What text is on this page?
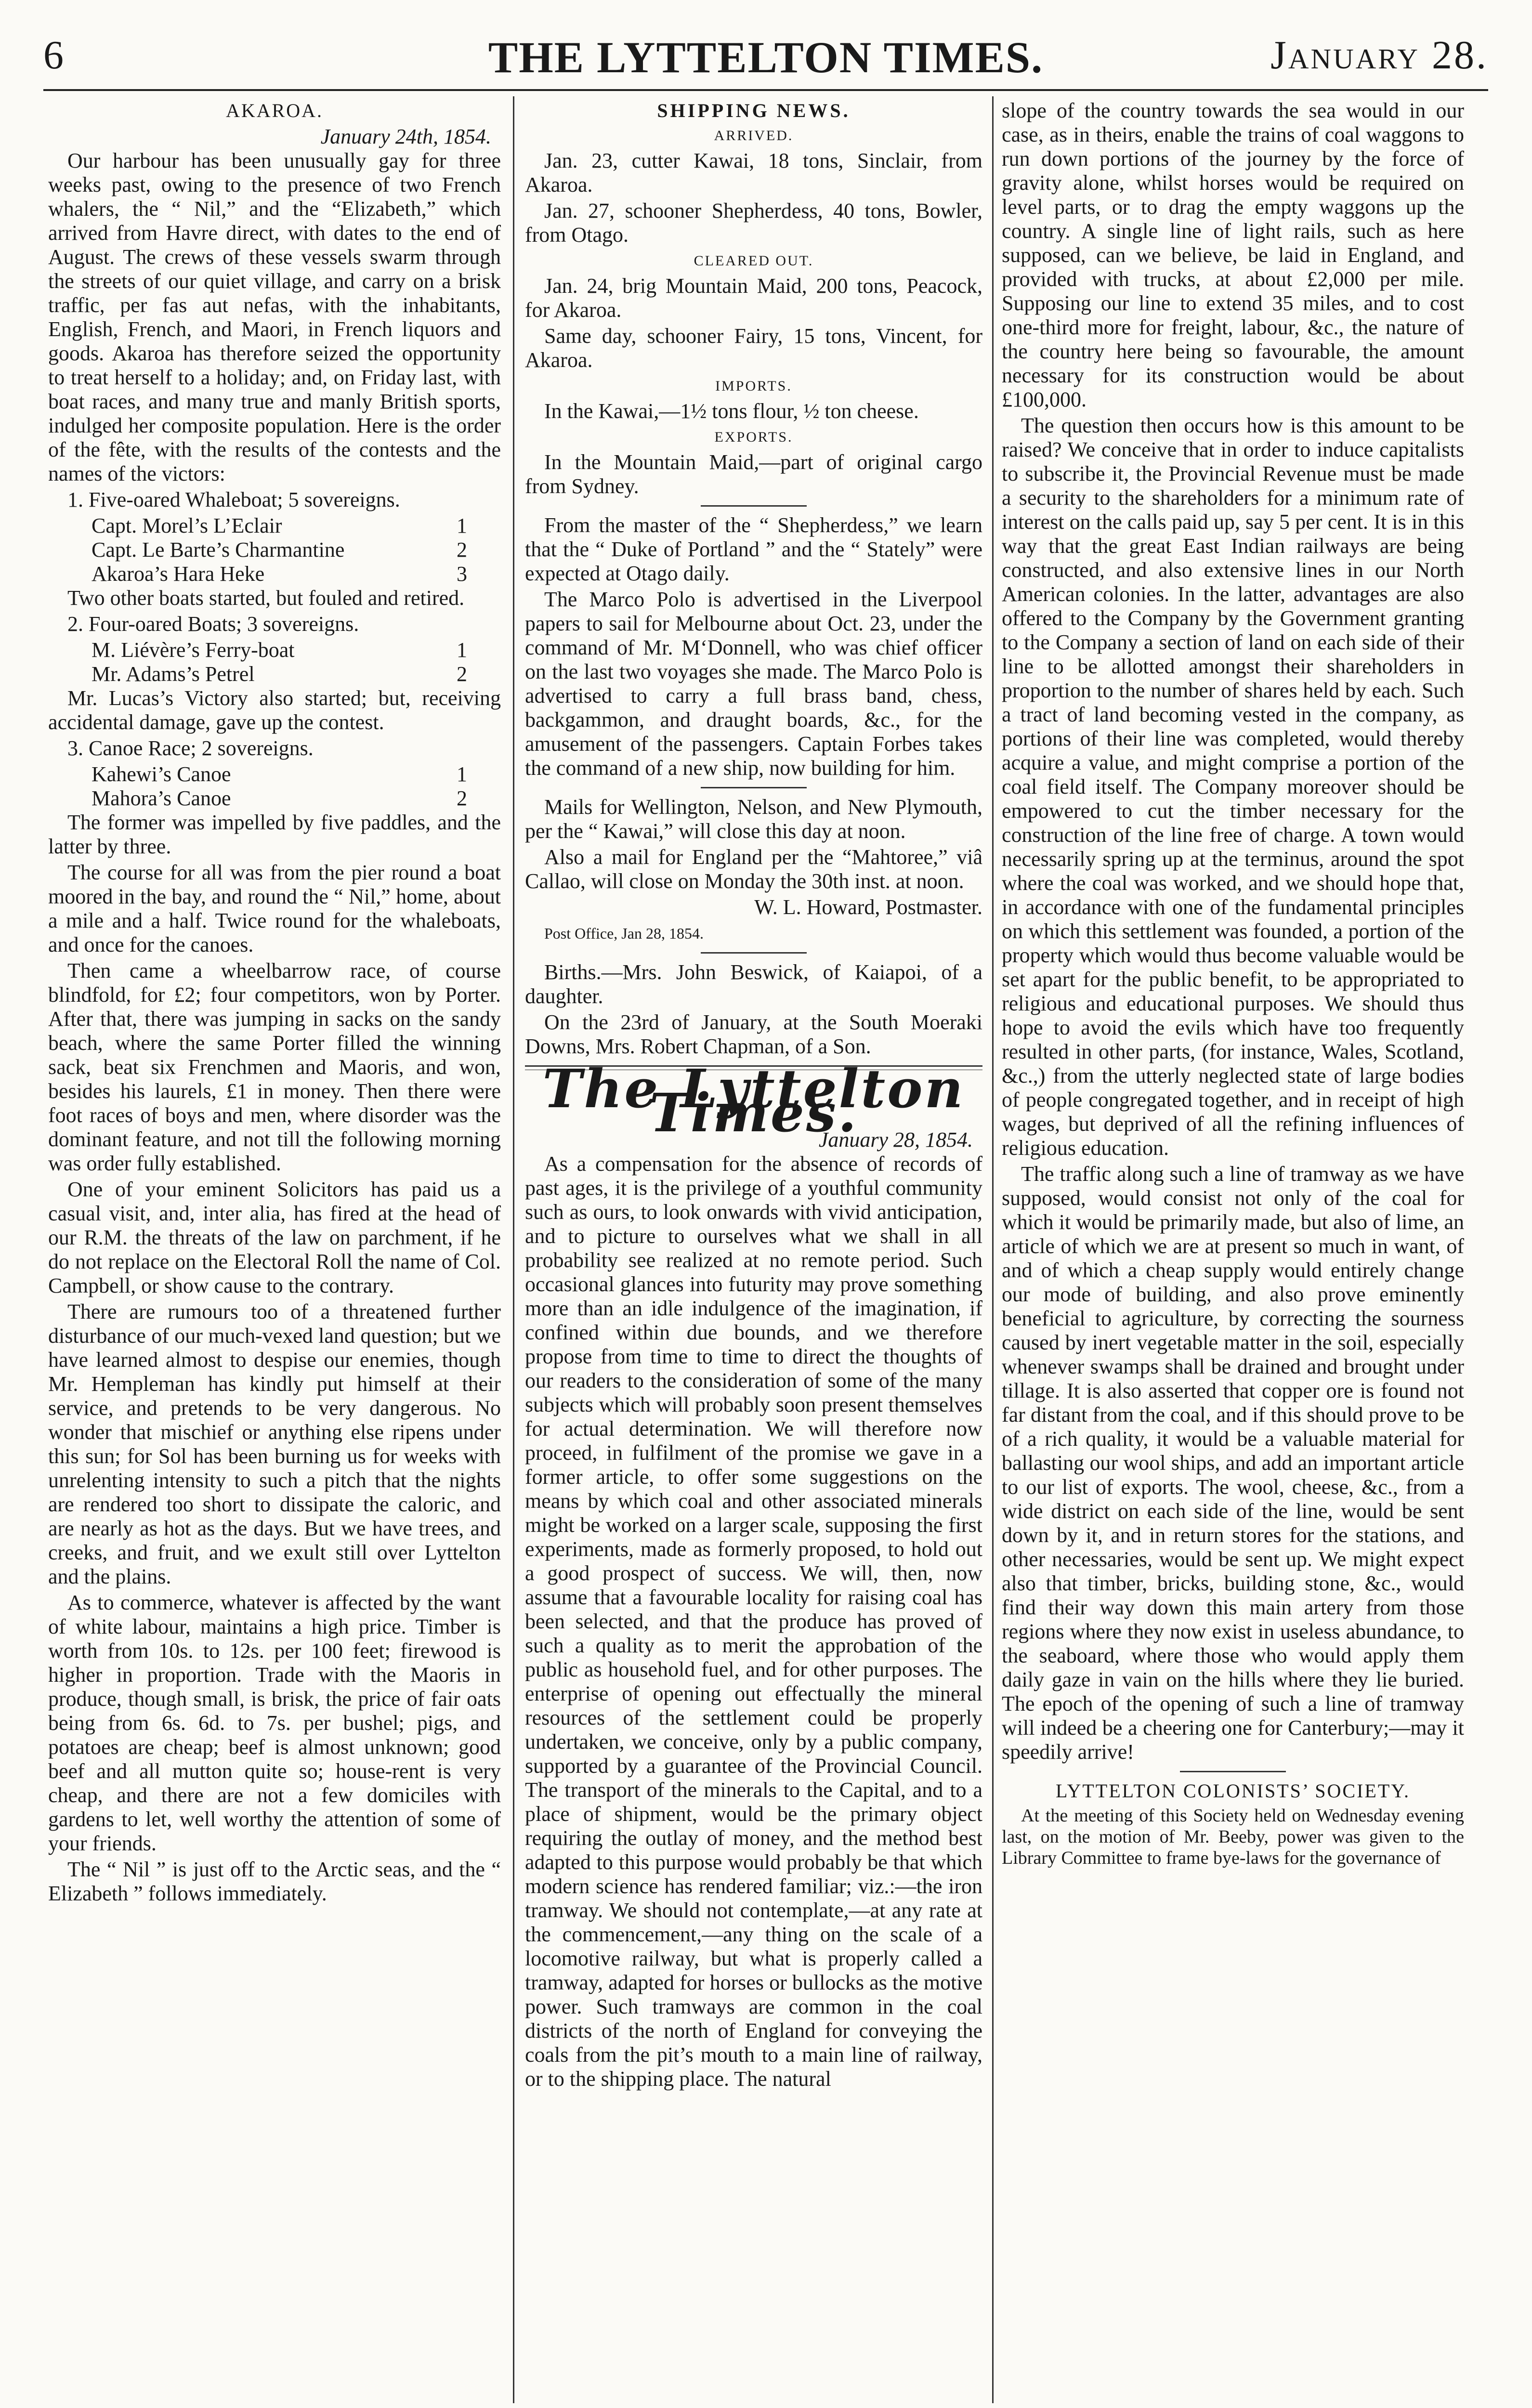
6	THE LYTTELTON TIMES.	January 28.
AKAROA.
January 24th, 1854.

Our harbour has been unusually gay for three weeks past, owing to the presence of two French whalers, the “ Nil,” and the “Elizabeth,” which arrived from Havre direct, with dates to the end of August. The crews of these vessels swarm through the streets of our quiet village, and carry on a brisk traffic, per fas aut nefas, with the inhabitants, English, French, and Maori, in French liquors and goods. Akaroa has therefore seized the opportunity to treat herself to a holiday; and, on Friday last, with boat races, and many true and manly British sports, indulged her composite population. Here is the order of the fête, with the results of the contests and the names of the victors:

1. Five-oared Whaleboat; 5 sovereigns.

Capt. Morel’s L’Eclair	1
Capt. Le Barte’s Charmantine	2
Akaroa’s Hara Heke	3

Two other boats started, but fouled and retired.

2. Four-oared Boats; 3 sovereigns.

M. Liévère’s Ferry-boat	1
Mr. Adams’s Petrel	2

Mr. Lucas’s Victory also started; but, receiving accidental damage, gave up the contest.

3. Canoe Race; 2 sovereigns.

Kahewi’s Canoe	1
Mahora’s Canoe	2

The former was impelled by five paddles, and the latter by three.

The course for all was from the pier round a boat moored in the bay, and round the “ Nil,” home, about a mile and a half. Twice round for the whaleboats, and once for the canoes.

Then came a wheelbarrow race, of course blindfold, for £2; four competitors, won by Porter. After that, there was jumping in sacks on the sandy beach, where the same Porter filled the winning sack, beat six Frenchmen and Maoris, and won, besides his laurels, £1 in money. Then there were foot races of boys and men, where disorder was the dominant feature, and not till the following morning was order fully established.

One of your eminent Solicitors has paid us a casual visit, and, inter alia, has fired at the head of our R.M. the threats of the law on parchment, if he do not replace on the Electoral Roll the name of Col. Campbell, or show cause to the contrary.

There are rumours too of a threatened further disturbance of our much-vexed land question; but we have learned almost to despise our enemies, though Mr. Hempleman has kindly put himself at their service, and pretends to be very dangerous. No wonder that mischief or anything else ripens under this sun; for Sol has been burning us for weeks with unrelenting intensity to such a pitch that the nights are rendered too short to dissipate the caloric, and are nearly as hot as the days. But we have trees, and creeks, and fruit, and we exult still over Lyttelton and the plains.

As to commerce, whatever is affected by the want of white labour, maintains a high price. Timber is worth from 10s. to 12s. per 100 feet; firewood is higher in proportion. Trade with the Maoris in produce, though small, is brisk, the price of fair oats being from 6s. 6d. to 7s. per bushel; pigs, and potatoes are cheap; beef is almost unknown; good beef and all mutton quite so; house-rent is very cheap, and there are not a few domiciles with gardens to let, well worthy the attention of some of your friends.

The “ Nil ” is just off to the Arctic seas, and the “ Elizabeth ” follows immediately.

SHIPPING NEWS.
ARRIVED.

Jan. 23, cutter Kawai, 18 tons, Sinclair, from Akaroa.

Jan. 27, schooner Shepherdess, 40 tons, Bowler, from Otago.

CLEARED OUT.

Jan. 24, brig Mountain Maid, 200 tons, Peacock, for Akaroa.

Same day, schooner Fairy, 15 tons, Vincent, for Akaroa.

IMPORTS.

In the Kawai,—1½ tons flour, ½ ton cheese.

EXPORTS.

In the Mountain Maid,—part of original cargo from Sydney.

From the master of the “ Shepherdess,” we learn that the “ Duke of Portland ” and the “ Stately” were expected at Otago daily.

The Marco Polo is advertised in the Liverpool papers to sail for Melbourne about Oct. 23, under the command of Mr. M‘Donnell, who was chief officer on the last two voyages she made. The Marco Polo is advertised to carry a full brass band, chess, backgammon, and draught boards, &c., for the amusement of the passengers. Captain Forbes takes the command of a new ship, now building for him.

Mails for Wellington, Nelson, and New Plymouth, per the “ Kawai,” will close this day at noon.

Also a mail for England per the “Mahtoree,” viâ Callao, will close on Monday the 30th inst. at noon.

W. L. Howard, Postmaster.

Post Office, Jan 28, 1854.

Births.—Mrs. John Beswick, of Kaiapoi, of a daughter.

On the 23rd of January, at the South Moeraki Downs, Mrs. Robert Chapman, of a Son.

The Lyttelton Times.
January 28, 1854.

As a compensation for the absence of records of past ages, it is the privilege of a youthful community such as ours, to look onwards with vivid anticipation, and to picture to ourselves what we shall in all probability see realized at no remote period. Such occasional glances into futurity may prove something more than an idle indulgence of the imagination, if confined within due bounds, and we therefore propose from time to time to direct the thoughts of our readers to the consideration of some of the many subjects which will probably soon present themselves for actual determination. We will therefore now proceed, in fulfilment of the promise we gave in a former article, to offer some suggestions on the means by which coal and other associated minerals might be worked on a larger scale, supposing the first experiments, made as formerly proposed, to hold out a good prospect of success. We will, then, now assume that a favourable locality for raising coal has been selected, and that the produce has proved of such a quality as to merit the approbation of the public as household fuel, and for other purposes. The enterprise of opening out effectually the mineral resources of the settlement could be properly undertaken, we conceive, only by a public company, supported by a guarantee of the Provincial Council. The transport of the minerals to the Capital, and to a place of shipment, would be the primary object requiring the outlay of money, and the method best adapted to this purpose would probably be that which modern science has rendered familiar; viz.:—the iron tramway. We should not contemplate,—at any rate at the commencement,—any thing on the scale of a locomotive railway, but what is properly called a tramway, adapted for horses or bullocks as the motive power. Such tramways are common in the coal districts of the north of England for conveying the coals from the pit’s mouth to a main line of railway, or to the shipping place. The natural

slope of the country towards the sea would in our case, as in theirs, enable the trains of coal waggons to run down portions of the journey by the force of gravity alone, whilst horses would be required on level parts, or to drag the empty waggons up the country. A single line of light rails, such as here supposed, can we believe, be laid in England, and provided with trucks, at about £2,000 per mile. Supposing our line to extend 35 miles, and to cost one-third more for freight, labour, &c., the nature of the country here being so favourable, the amount necessary for its construction would be about £100,000.

The question then occurs how is this amount to be raised? We conceive that in order to induce capitalists to subscribe it, the Provincial Revenue must be made a security to the shareholders for a minimum rate of interest on the calls paid up, say 5 per cent. It is in this way that the great East Indian railways are being constructed, and also extensive lines in our North American colonies. In the latter, advantages are also offered to the Company by the Government granting to the Company a section of land on each side of their line to be allotted amongst their shareholders in proportion to the number of shares held by each. Such a tract of land becoming vested in the company, as portions of their line was completed, would thereby acquire a value, and might comprise a portion of the coal field itself. The Company moreover should be empowered to cut the timber necessary for the construction of the line free of charge. A town would necessarily spring up at the terminus, around the spot where the coal was worked, and we should hope that, in accordance with one of the fundamental principles on which this settlement was founded, a portion of the property which would thus become valuable would be set apart for the public benefit, to be appropriated to religious and educational purposes. We should thus hope to avoid the evils which have too frequently resulted in other parts, (for instance, Wales, Scotland, &c.,) from the utterly neglected state of large bodies of people congregated together, and in receipt of high wages, but deprived of all the refining influences of religious education.

The traffic along such a line of tramway as we have supposed, would consist not only of the coal for which it would be primarily made, but also of lime, an article of which we are at present so much in want, of and of which a cheap supply would entirely change our mode of building, and also prove eminently beneficial to agriculture, by correcting the sourness caused by inert vegetable matter in the soil, especially whenever swamps shall be drained and brought under tillage. It is also asserted that copper ore is found not far distant from the coal, and if this should prove to be of a rich quality, it would be a valuable material for ballasting our wool ships, and add an important article to our list of exports. The wool, cheese, &c., from a wide district on each side of the line, would be sent down by it, and in return stores for the stations, and other necessaries, would be sent up. We might expect also that timber, bricks, building stone, &c., would find their way down this main artery from those regions where they now exist in useless abundance, to the seaboard, where those who would apply them daily gaze in vain on the hills where they lie buried. The epoch of the opening of such a line of tramway will indeed be a cheering one for Canterbury;—may it speedily arrive!

LYTTELTON COLONISTS’ SOCIETY.

At the meeting of this Society held on Wednesday evening last, on the motion of Mr. Beeby, power was given to the Library Committee to frame bye-laws for the governance of
